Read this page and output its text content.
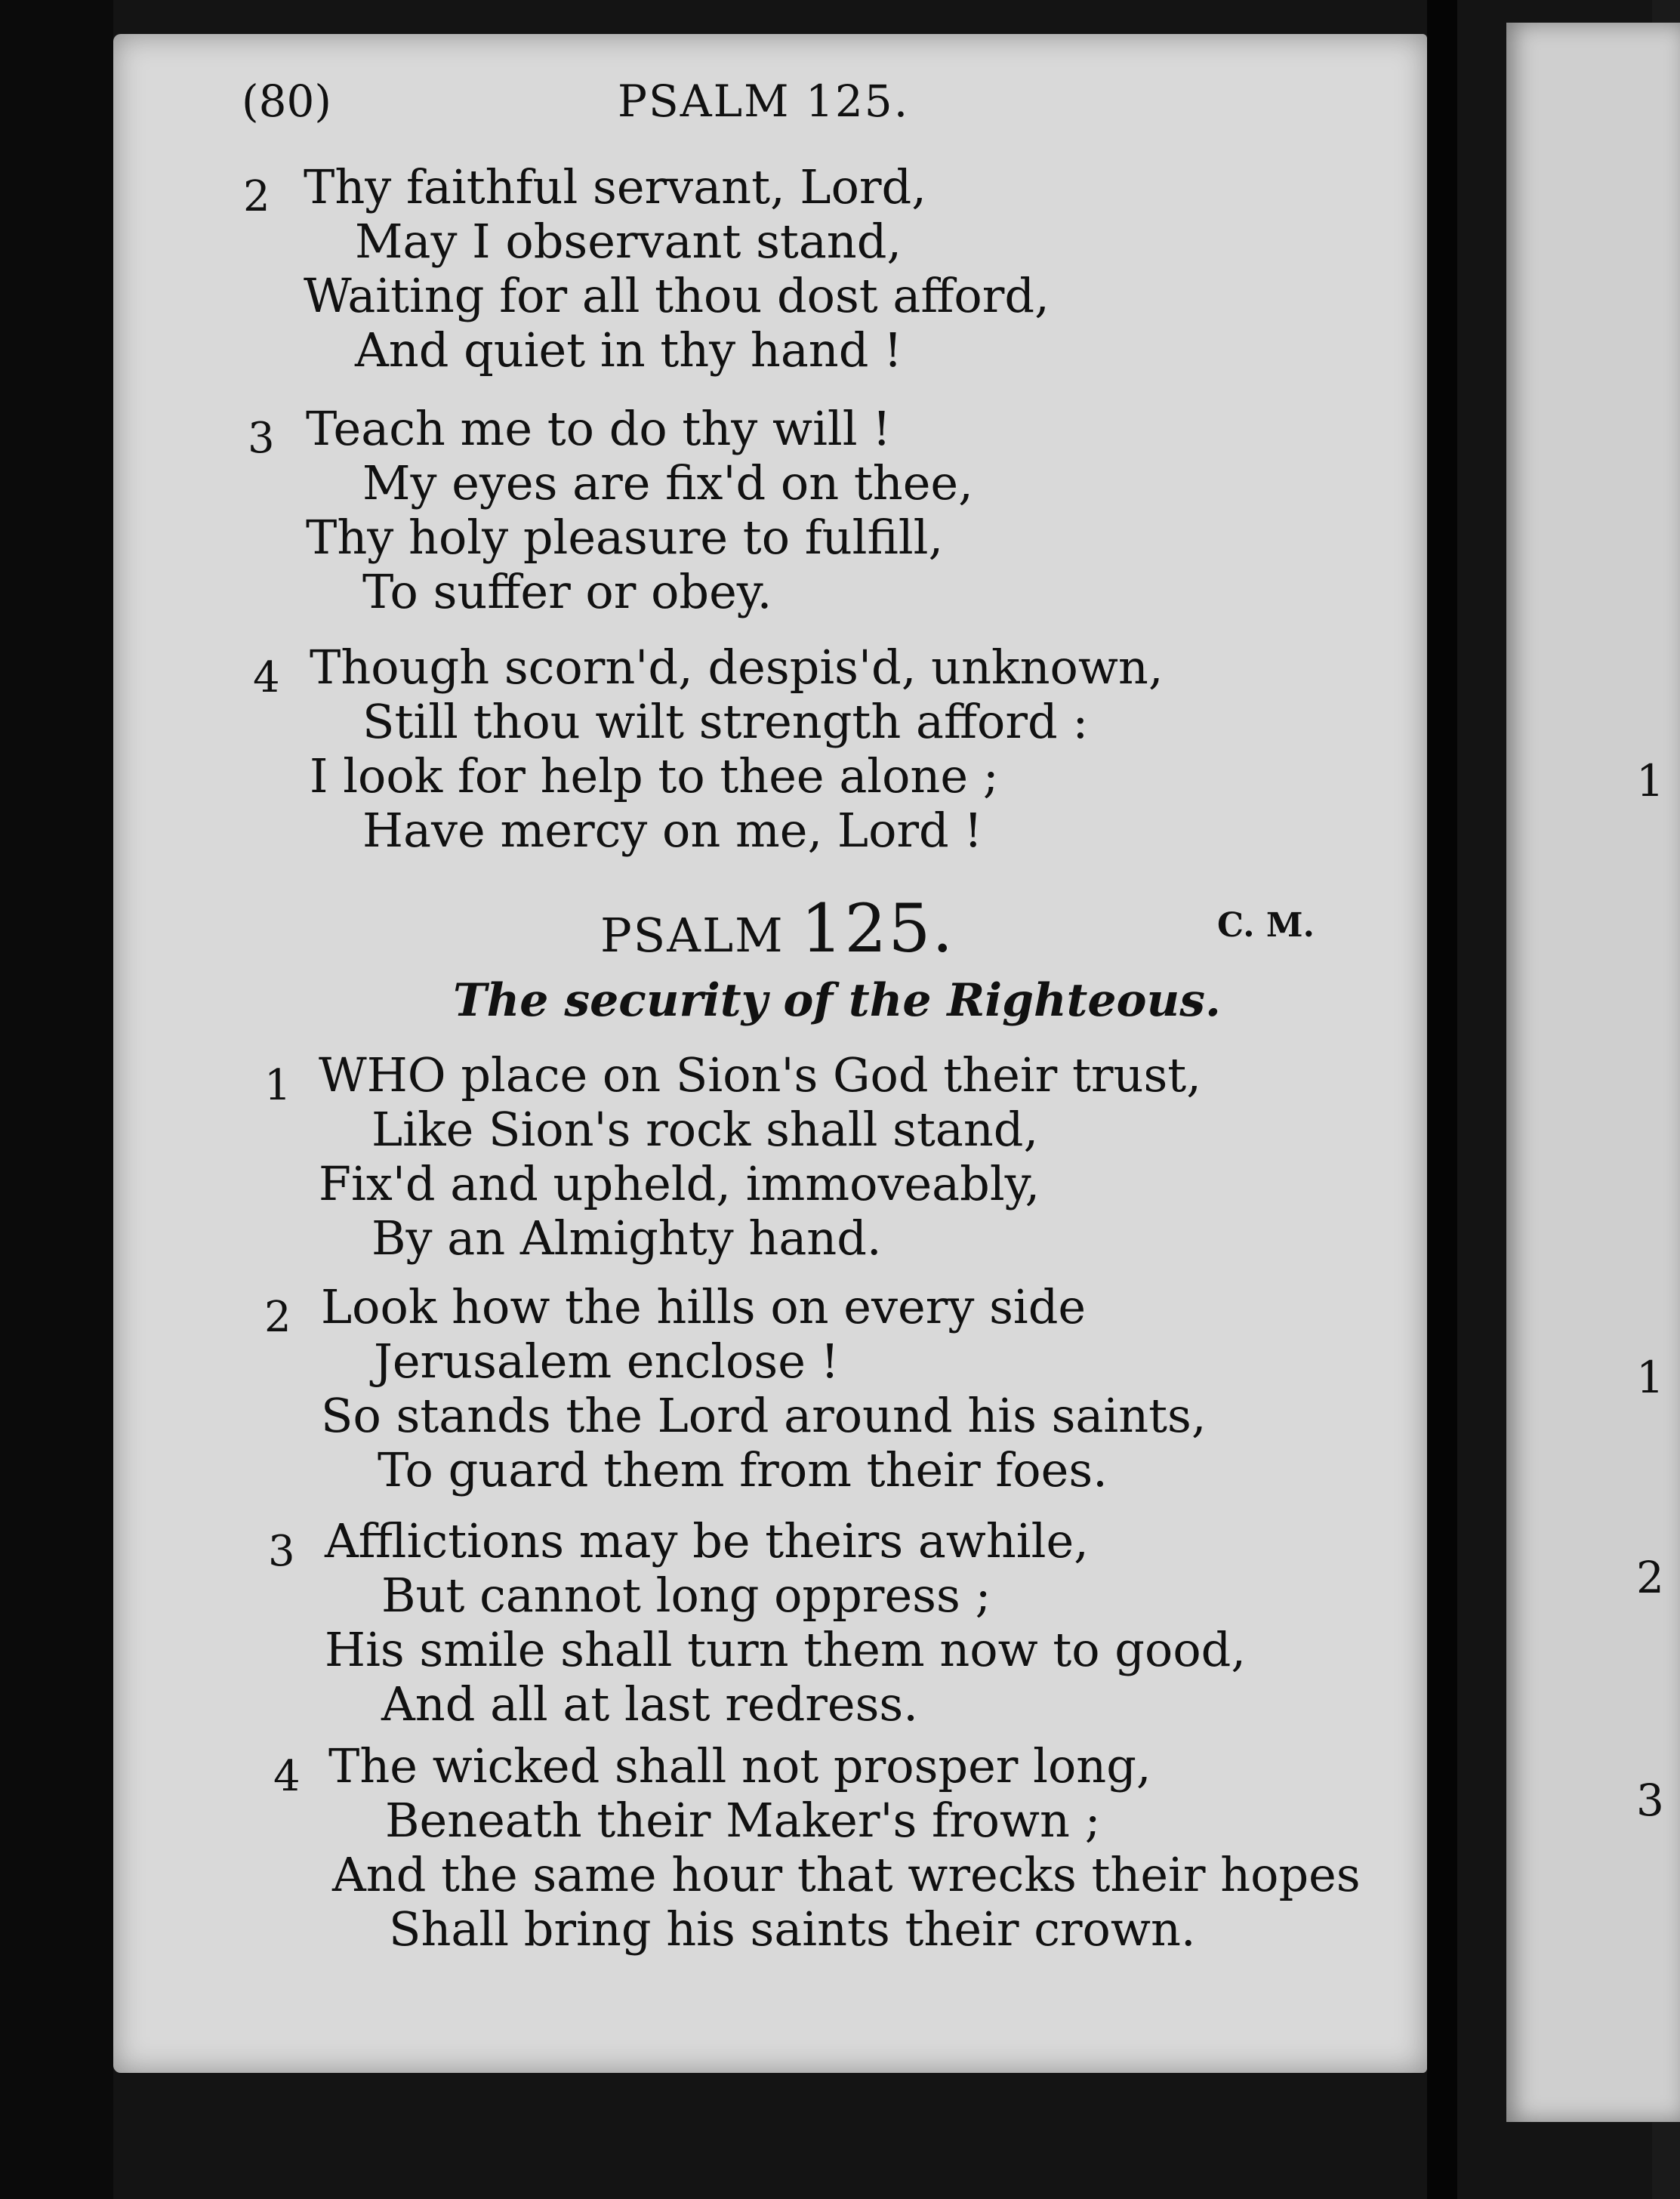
1
1
2
3
(80)	PSALM 125.
2 Thy faithful servant, Lord,
May I observant stand,
Waiting for all thou dost afford,
And quiet in thy hand !
3 Teach me to do thy will !
My eyes are fix'd on thee,
Thy holy pleasure to fulfill,
To suffer or obey.
4 Though scorn'd, despis'd, unknown,
Still thou wilt strength afford :
I look for help to thee alone ;
Have mercy on me, Lord !
PSALM 125.	C. M.
The security of the Righteous.
1 WHO place on Sion's God their trust,
Like Sion's rock shall stand,
Fix'd and upheld, immoveably,
By an Almighty hand.
2 Look how the hills on every side
Jerusalem enclose !
So stands the Lord around his saints,
To guard them from their foes.
3 Afflictions may be theirs awhile,
But cannot long oppress ;
His smile shall turn them now to good,
And all at last redress.
4 The wicked shall not prosper long,
Beneath their Maker's frown ;
And the same hour that wrecks their hopes
Shall bring his saints their crown.
